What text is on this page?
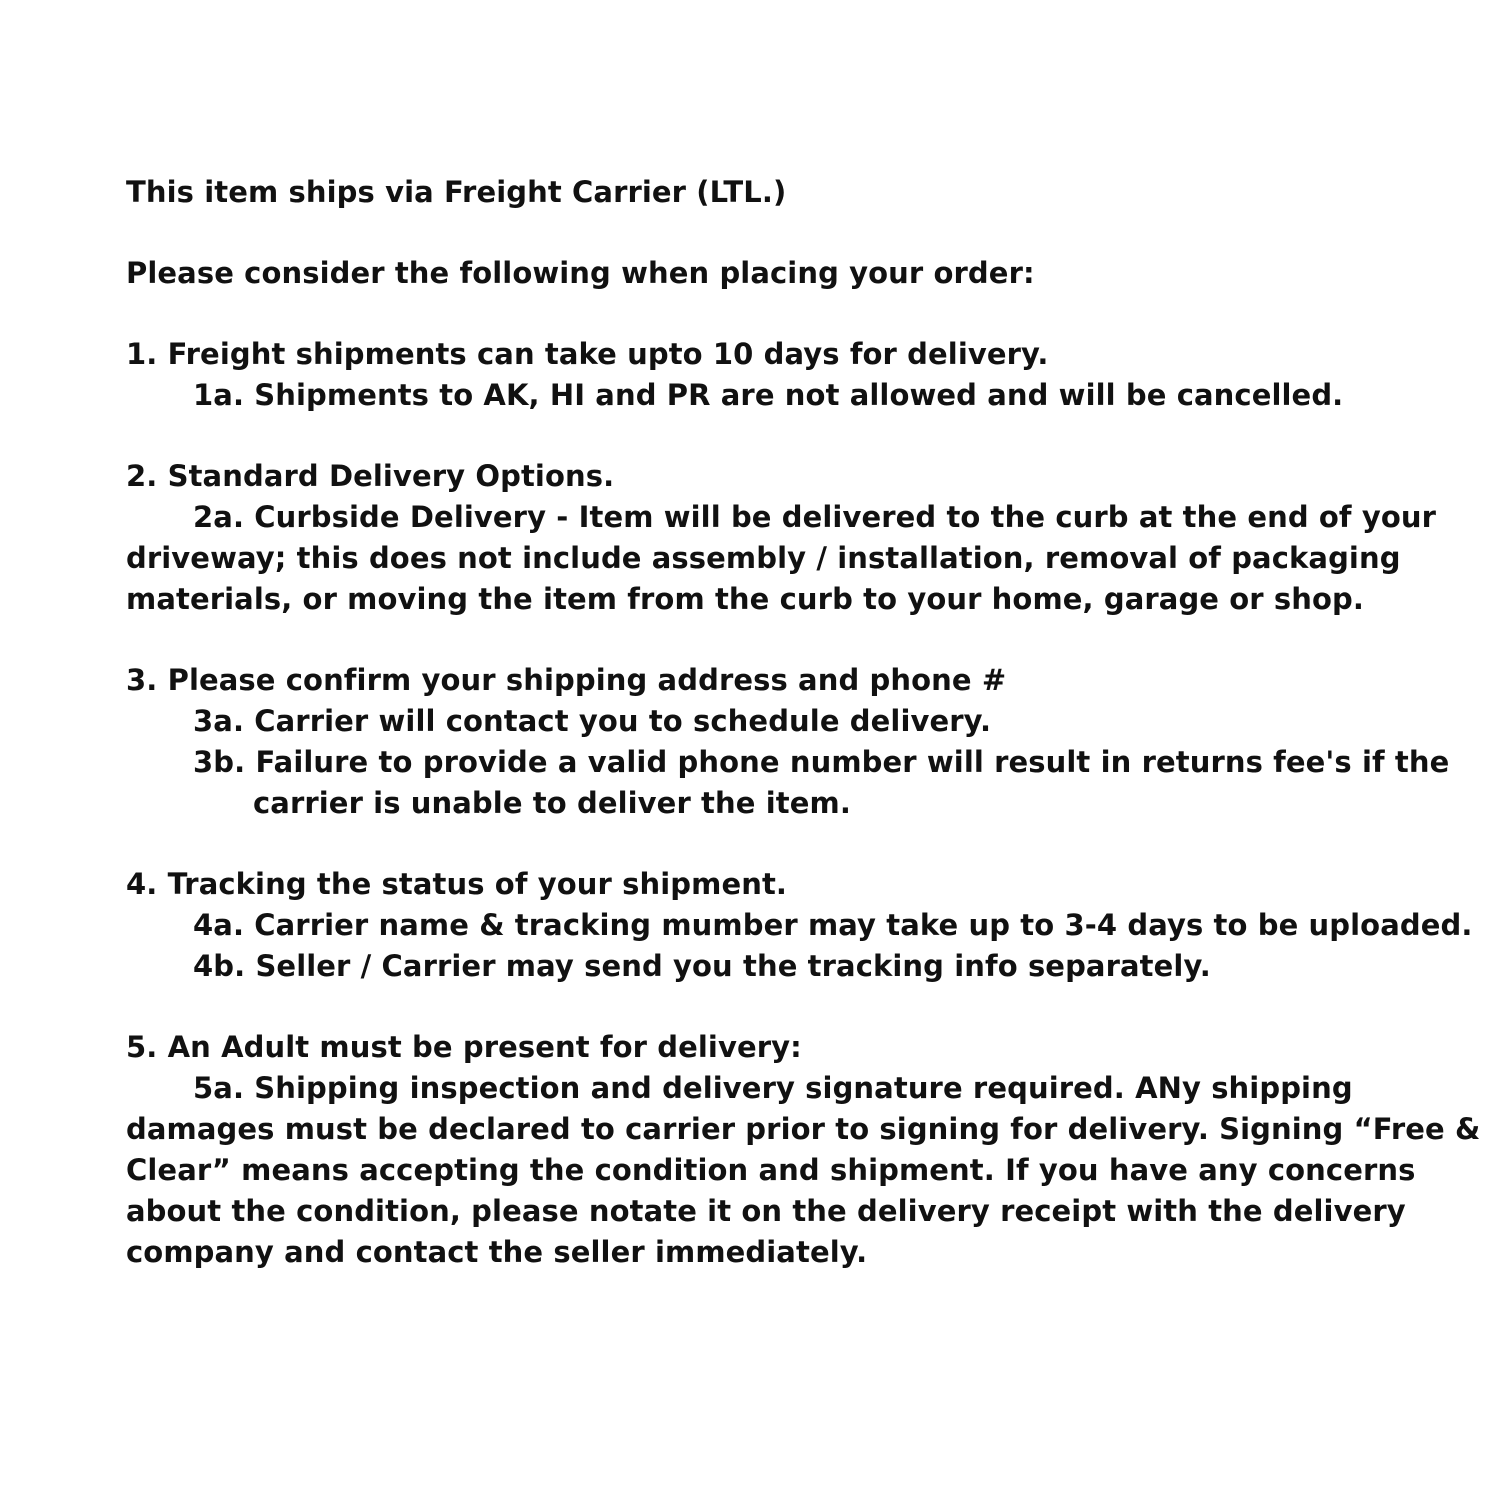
This item ships via Freight Carrier (LTL.)

Please consider the following when placing your order:

1. Freight shipments can take upto 10 days for delivery.

1a. Shipments to AK, HI and PR are not allowed and will be cancelled.

2. Standard Delivery Options.

2a. Curbside Delivery - Item will be delivered to the curb at the end of your

driveway; this does not include assembly / installation, removal of packaging

materials, or moving the item from the curb to your home, garage or shop.

3. Please confirm your shipping address and phone #

3a. Carrier will contact you to schedule delivery.

3b. Failure to provide a valid phone number will result in returns fee's if the

carrier is unable to deliver the item.

4. Tracking the status of your shipment.

4a. Carrier name & tracking mumber may take up to 3-4 days to be uploaded.

4b. Seller / Carrier may send you the tracking info separately.

5. An Adult must be present for delivery:

5a. Shipping inspection and delivery signature required. ANy shipping

damages must be declared to carrier prior to signing for delivery. Signing “Free &

Clear” means accepting the condition and shipment. If you have any concerns

about the condition, please notate it on the delivery receipt with the delivery

company and contact the seller immediately.
